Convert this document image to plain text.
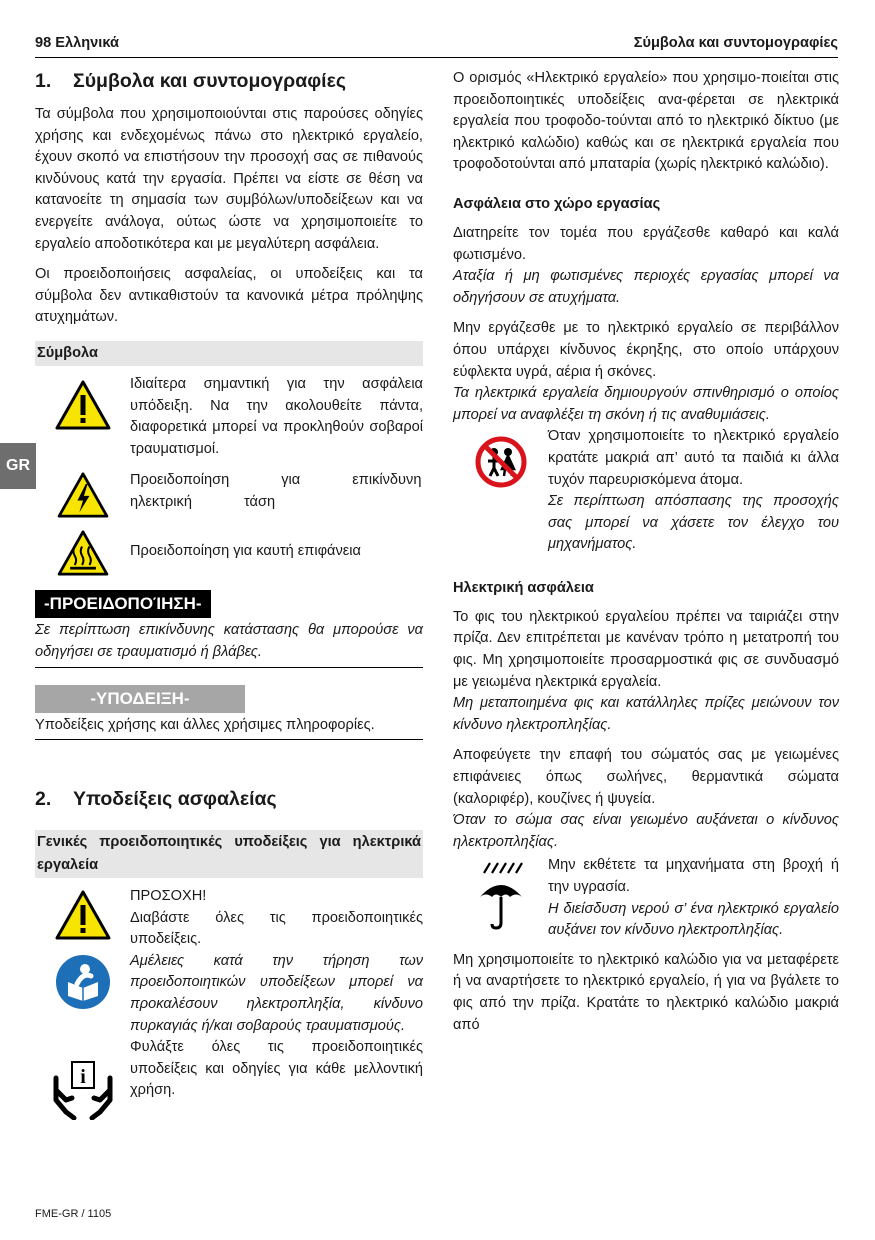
98 Ελληνικά	Σύμβολα και συντομογραφίες
GR
1. Σύμβολα και συντομογραφίες

Τα σύμβολα που χρησιμοποιούνται στις παρούσες οδηγίες χρήσης και ενδεχομένως πάνω στο ηλεκτρικό εργαλείο, έχουν σκοπό να επιστήσουν την προσοχή σας σε πιθανούς κινδύνους κατά την εργασία. Πρέπει να είστε σε θέση να κατανοείτε τη σημασία των συμβόλων/υποδείξεων και να ενεργείτε ανάλογα, ούτως ώστε να χρησιμοποιείτε το εργαλείο αποδοτικότερα και με μεγαλύτερη ασφάλεια.

Οι προειδοποιήσεις ασφαλείας, οι υποδείξεις και τα σύμβολα δεν αντικαθιστούν τα κανονικά μέτρα πρόληψης ατυχημάτων.

Σύμβολα

Ιδιαίτερα σημαντική για την ασφάλεια υπόδειξη. Να την ακολουθείτε πάντα, διαφορετικά μπορεί να προκληθούν σοβαροί τραυματισμοί.

Προειδοποίηση για επικίνδυνη ηλεκτρική τάση

Προειδοποίηση για καυτή επιφάνεια

-ΠΡΟΕΙΔΟΠΟΊΗΣΗ-

Σε περίπτωση επικίνδυνης κατάστασης θα μπορούσε να οδηγήσει σε τραυματισμό ή βλάβες.

-ΥΠΟΔΕΙΞΗ-

Υποδείξεις χρήσης και άλλες χρήσιμες πληροφορίες.

2. Υποδείξεις ασφαλείας
Γενικές προειδοποιητικές υποδείξεις για ηλεκτρικά εργαλεία
i

ΠΡΟΣΟΧΗ!

Διαβάστε όλες τις προειδοποιητικές υποδείξεις.

Αμέλειες κατά την τήρηση των προειδοποιητικών υποδείξεων μπορεί να προκαλέσουν ηλεκτροπληξία, κίνδυνο πυρκαγιάς ή/και σοβαρούς τραυματισμούς.

Φυλάξτε όλες τις προειδοποιητικές υποδείξεις και οδηγίες για κάθε μελλοντική χρήση.

Ο ορισμός «Ηλεκτρικό εργαλείο» που χρησιμο-ποιείται στις προειδοποιητικές υποδείξεις ανα-φέρεται σε ηλεκτρικά εργαλεία που τροφοδο-τούνται από το ηλεκτρικό δίκτυο (με ηλεκτρικό καλώδιο) καθώς και σε ηλεκτρικά εργαλεία που τροφοδοτούνται από μπαταρία (χωρίς ηλεκτρικό καλώδιο).

Ασφάλεια στο χώρο εργασίας

Διατηρείτε τον τομέα που εργάζεσθε καθαρό και καλά φωτισμένο.

Αταξία ή μη φωτισμένες περιοχές εργασίας μπορεί να οδηγήσουν σε ατυχήματα.

Μην εργάζεσθε με το ηλεκτρικό εργαλείο σε περιβάλλον όπου υπάρχει κίνδυνος έκρηξης, στο οποίο υπάρχουν εύφλεκτα υγρά, αέρια ή σκόνες.

Τα ηλεκτρικά εργαλεία δημιουργούν σπινθηρισμό ο οποίος μπορεί να αναφλέξει τη σκόνη ή τις αναθυμιάσεις.

Όταν χρησιμοποιείτε το ηλεκτρικό εργαλείο κρατάτε μακριά απ’ αυτό τα παιδιά κι άλλα τυχόν παρευρισκόμενα άτομα.

Σε περίπτωση απόσπασης της προσοχής σας μπορεί να χάσετε τον έλεγχο του μηχανήματος.

Ηλεκτρική ασφάλεια

Το φις του ηλεκτρικού εργαλείου πρέπει να ταιριάζει στην πρίζα. Δεν επιτρέπεται με κανέναν τρόπο η μετατροπή του φις. Μη χρησιμοποιείτε προσαρμοστικά φις σε συνδυασμό με γειωμένα ηλεκτρικά εργαλεία.

Μη μεταποιημένα φις και κατάλληλες πρίζες μειώνουν τον κίνδυνο ηλεκτροπληξίας.

Αποφεύγετε την επαφή του σώματός σας με γειωμένες επιφάνειες όπως σωλήνες, θερμαντικά σώματα (καλοριφέρ), κουζίνες ή ψυγεία.

Όταν το σώμα σας είναι γειωμένο αυξάνεται ο κίνδυνος ηλεκτροπληξίας.

Μην εκθέτετε τα μηχανήματα στη βροχή ή την υγρασία.

Η διείσδυση νερού σ’ ένα ηλεκτρικό εργαλείο αυξάνει τον κίνδυνο ηλεκτροπληξίας.

Μη χρησιμοποιείτε το ηλεκτρικό καλώδιο για να μεταφέρετε ή να αναρτήσετε το ηλεκτρικό εργαλείο, ή για να βγάλετε το φις από την πρίζα. Κρατάτε το ηλεκτρικό καλώδιο μακριά από

FME-GR / 1105
